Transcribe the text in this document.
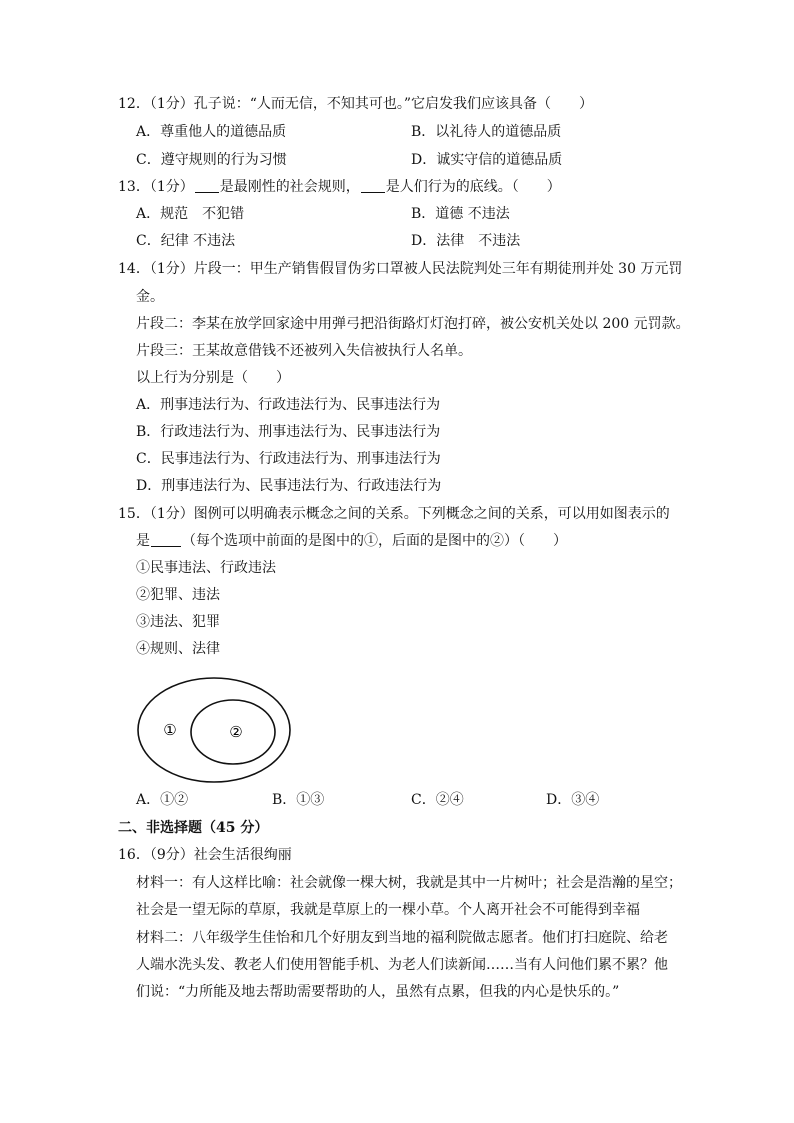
12．（1分）孔子说：“人而无信，不知其可也。”它启发我们应该具备（　　）
A．尊重他人的道德品质	B．以礼待人的道德品质
C．遵守规则的行为习惯	D．诚实守信的道德品质
13．（1分） 是最刚性的社会规则， 是人们行为的底线。（　　）
A．规范　不犯错	B．道德 不违法
C．纪律 不违法	D．法律　不违法
14．（1分）片段一：甲生产销售假冒伪劣口罩被人民法院判处三年有期徒刑并处 30 万元罚
金。
片段二：李某在放学回家途中用弹弓把沿街路灯灯泡打碎，被公安机关处以 200 元罚款。
片段三：王某故意借钱不还被列入失信被执行人名单。
以上行为分别是（　　）
A．刑事违法行为、行政违法行为、民事违法行为
B．行政违法行为、刑事违法行为、民事违法行为
C．民事违法行为、行政违法行为、刑事违法行为
D．刑事违法行为、民事违法行为、行政违法行为
15．（1分）图例可以明确表示概念之间的关系。下列概念之间的关系，可以用如图表示的
是 （每个选项中前面的是图中的①，后面的是图中的②）（　　）
①民事违法、行政违法
②犯罪、违法
③违法、犯罪
④规则、法律
①	②
A．①②	B．①③	C．②④	D．③④
二、非选择题（45 分）
16．（9分）社会生活很绚丽
材料一：有人这样比喻：社会就像一棵大树，我就是其中一片树叶；社会是浩瀚的星空；
社会是一望无际的草原，我就是草原上的一棵小草。个人离开社会不可能得到幸福
材料二：八年级学生佳怡和几个好朋友到当地的福利院做志愿者。他们打扫庭院、给老
人端水洗头发、教老人们使用智能手机、为老人们读新闻……当有人问他们累不累？他
们说：“力所能及地去帮助需要帮助的人，虽然有点累，但我的内心是快乐的。”
